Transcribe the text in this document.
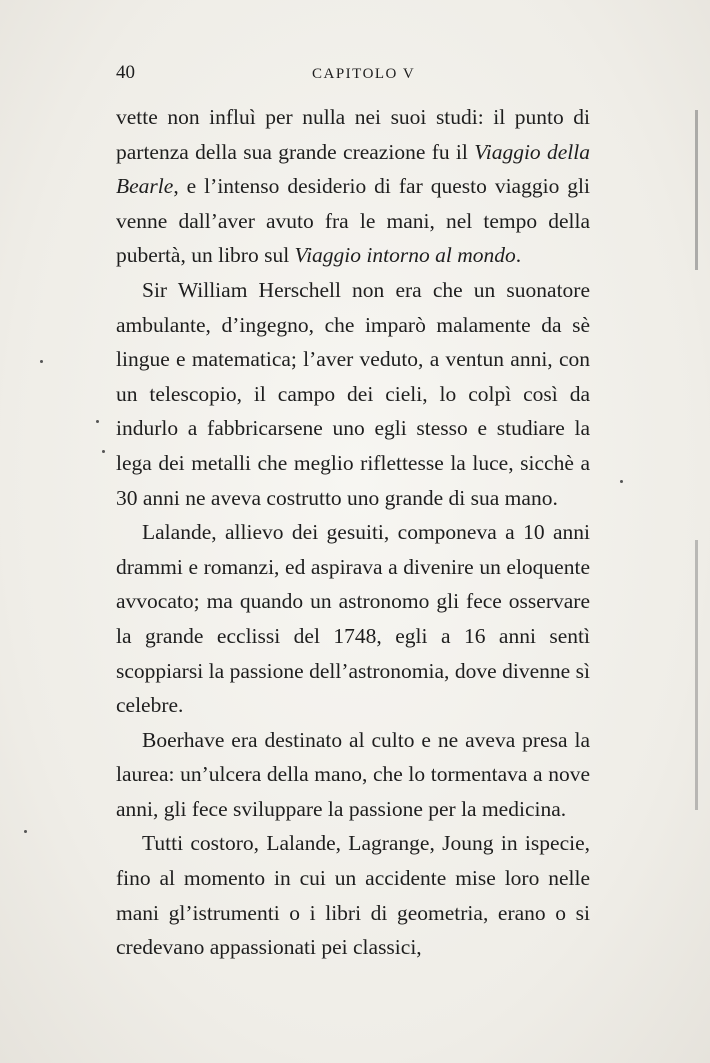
40	CAPITOLO V

vette non influì per nulla nei suoi studi: il punto di partenza della sua grande creazione fu il Viaggio della Bearle, e l’intenso desiderio di far questo viaggio gli venne dall’aver avuto fra le mani, nel tempo della pubertà, un libro sul Viaggio intorno al mondo.

Sir William Herschell non era che un suonatore ambulante, d’ingegno, che imparò malamente da sè lingue e matematica; l’aver veduto, a ventun anni, con un telescopio, il campo dei cieli, lo colpì così da indurlo a fabbricarsene uno egli stesso e studiare la lega dei metalli che meglio riflettesse la luce, sicchè a 30 anni ne aveva costrutto uno grande di sua mano.

Lalande, allievo dei gesuiti, componeva a 10 anni drammi e romanzi, ed aspirava a divenire un eloquente avvocato; ma quando un astronomo gli fece osservare la grande ecclissi del 1748, egli a 16 anni sentì scoppiarsi la passione dell’astronomia, dove divenne sì celebre.

Boerhave era destinato al culto e ne aveva presa la laurea: un’ulcera della mano, che lo tormentava a nove anni, gli fece sviluppare la passione per la medicina.

Tutti costoro, Lalande, Lagrange, Joung in ispecie, fino al momento in cui un accidente mise loro nelle mani gl’istrumenti o i libri di geometria, erano o si credevano appassionati pei classici,
